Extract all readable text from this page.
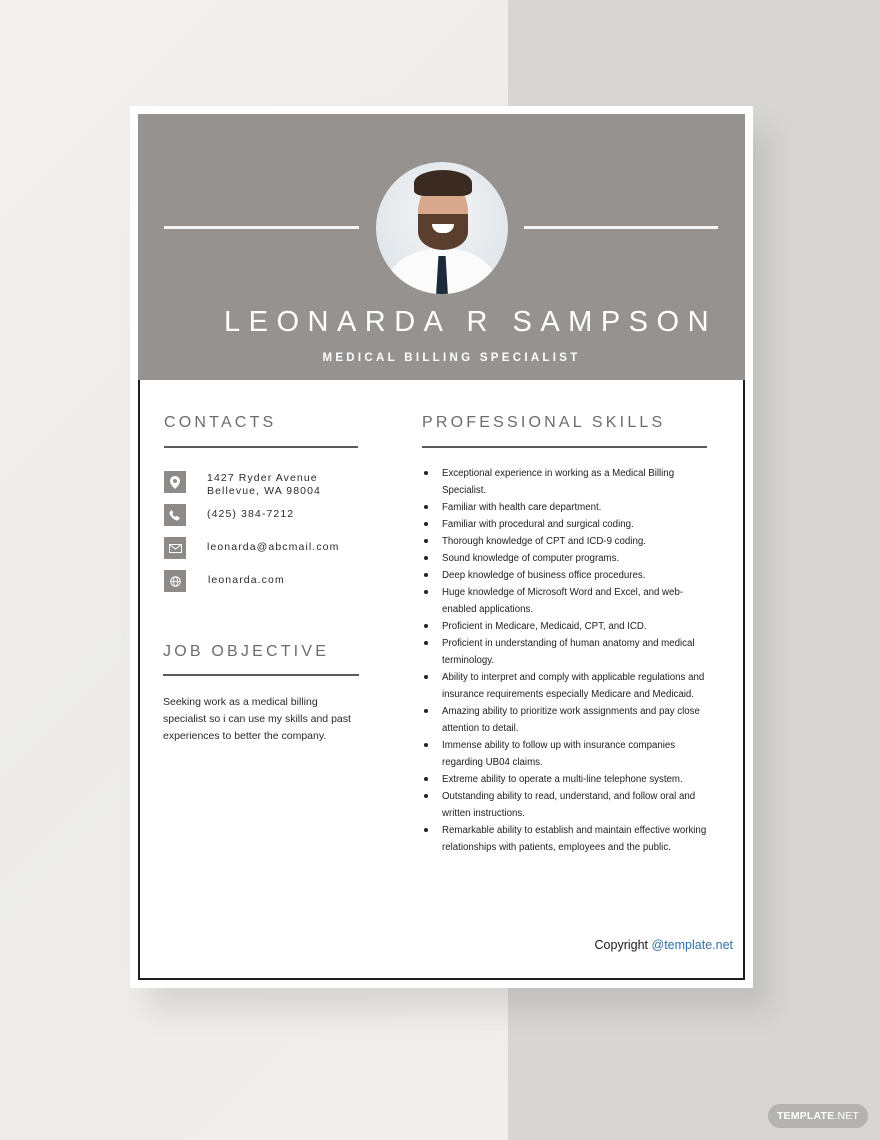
LEONARDA R SAMPSON
MEDICAL BILLING SPECIALIST
CONTACTS
1427 Ryder Avenue
Bellevue, WA 98004
(425) 384-7212
leonarda@abcmail.com
leonarda.com
JOB OBJECTIVE
Seeking work as a medical billing specialist so i can use my skills and past experiences to better the company.
PROFESSIONAL SKILLS
Exceptional experience in working as a Medical Billing Specialist.
Familiar with health care department.
Familiar with procedural and surgical coding.
Thorough knowledge of CPT and ICD-9 coding.
Sound knowledge of computer programs.
Deep knowledge of business office procedures.
Huge knowledge of Microsoft Word and Excel, and web-enabled applications.
Proficient in Medicare, Medicaid, CPT, and ICD.
Proficient in understanding of human anatomy and medical terminology.
Ability to interpret and comply with applicable regulations and insurance requirements especially Medicare and Medicaid.
Amazing ability to prioritize work assignments and pay close attention to detail.
Immense ability to follow up with insurance companies regarding UB04 claims.
Extreme ability to operate a multi-line telephone system.
Outstanding ability to read, understand, and follow oral and written instructions.
Remarkable ability to establish and maintain effective working relationships with patients, employees and the public.
Copyright @template.net
TEMPLATE .NET
